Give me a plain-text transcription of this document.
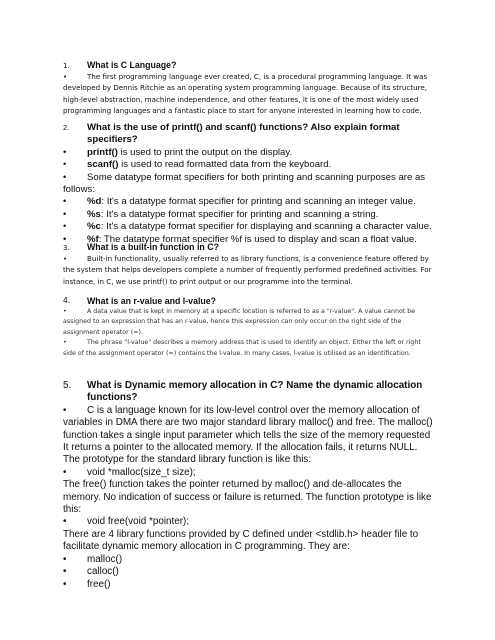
1.	What is C Language?

•	The first programming language ever created, C, is a procedural programming language. It was developed by Dennis Ritchie as an operating system programming language. Because of its structure, high-level abstraction, machine independence, and other features, it is one of the most widely used programming languages and a fantastic place to start for anyone interested in learning how to code.

2.	What is the use of printf() and scanf() functions? Also explain format specifiers?

• printf() is used to print the output on the display.

• scanf() is used to read formatted data from the keyboard.

• Some datatype format specifiers for both printing and scanning purposes are as follows:

• %d: It's a datatype format specifier for printing and scanning an integer value.

• %s: It's a datatype format specifier for printing and scanning a string.

• %c: It's a datatype format specifier for displaying and scanning a character value.

• %f: The datatype format specifier %f is used to display and scan a float value.

3.	What is a built-in function in C?

•	Built-in functionality, usually referred to as library functions, is a convenience feature offered by the system that helps developers complete a number of frequently performed predefined activities. For instance, in C, we use printf() to print output or our programme into the terminal.

4.	What is an r-value and l-value?

•	A data value that is kept in memory at a specific location is referred to as a "r-value". A value cannot be assigned to an expression that has an r-value, hence this expression can only occur on the right side of the assignment operator (=).

•	The phrase "l-value" describes a memory address that is used to identify an object. Either the left or right side of the assignment operator (=) contains the l-value. In many cases, l-value is utilised as an identification.

5.	What is Dynamic memory allocation in C? Name the dynamic allocation functions?

• C is a language known for its low-level control over the memory allocation of variables in DMA there are two major standard library malloc() and free. The malloc() function takes a single input parameter which tells the size of the memory requested It returns a pointer to the allocated memory. If the allocation fails, it returns NULL. The prototype for the standard library function is like this:

• void *malloc(size_t size);

The free() function takes the pointer returned by malloc() and de-allocates the memory. No indication of success or failure is returned. The function prototype is like this:

• void free(void *pointer);

There are 4 library functions provided by C defined under <stdlib.h> header file to facilitate dynamic memory allocation in C programming. They are:

• malloc()

• calloc()

• free()
